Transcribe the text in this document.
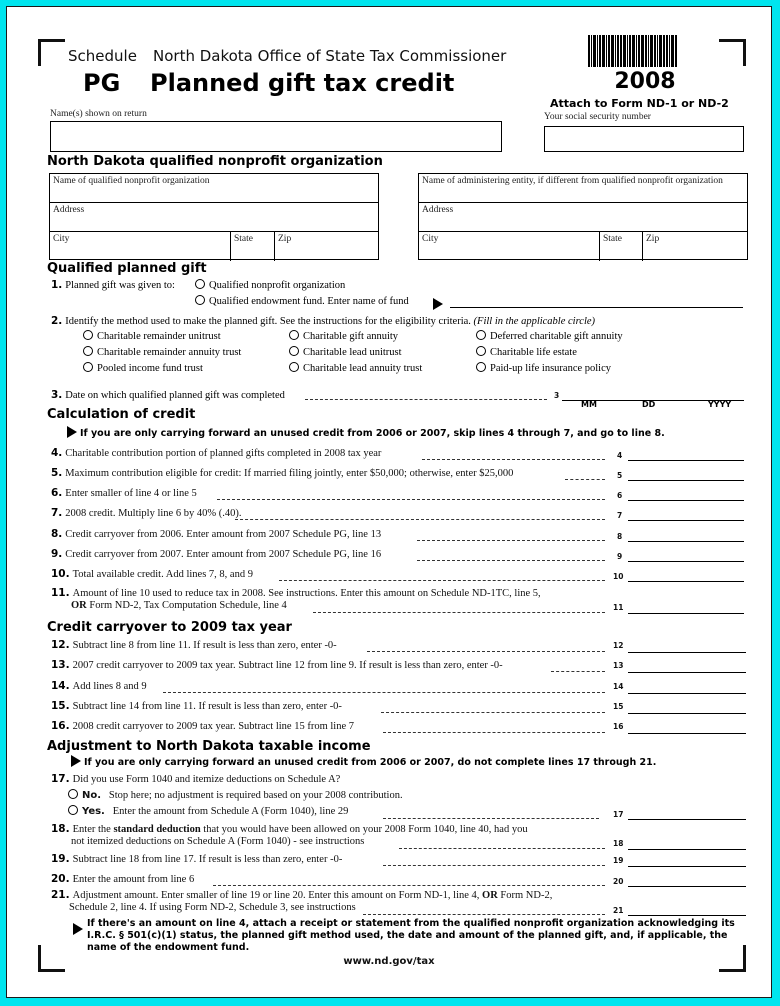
Schedule North Dakota Office of State Tax Commissioner
PG Planned gift tax credit	2008
Attach to Form ND-1 or ND-2
Name(s) shown on return	Your social security number
North Dakota qualified nonprofit organization
Name of qualified nonprofit organization
Address
City	State	Zip
Name of administering entity, if different from qualified nonprofit organization
Address
City	State	Zip
Qualified planned gift
1. Planned gift was given to:	Qualified nonprofit organization
Qualified endowment fund. Enter name of fund
2. Identify the method used to make the planned gift. See the instructions for the eligibility criteria. (Fill in the applicable circle)
Charitable remainder unitrust	Charitable gift annuity	Deferred charitable gift annuity
Charitable remainder annuity trust	Charitable lead unitrust	Charitable life estate
Pooled income fund trust	Charitable lead annuity trust	Paid-up life insurance policy
3. Date on which qualified planned gift was completed	3
MM	DD	YYYY
Calculation of credit
If you are only carrying forward an unused credit from 2006 or 2007, skip lines 4 through 7, and go to line 8.
4. Charitable contribution portion of planned gifts completed in 2008 tax year	4
5. Maximum contribution eligible for credit: If married filing jointly, enter $50,000; otherwise, enter $25,000	5
6. Enter smaller of line 4 or line 5	6
7. 2008 credit. Multiply line 6 by 40% (.40).	7
8. Credit carryover from 2006. Enter amount from 2007 Schedule PG, line 13	8
9. Credit carryover from 2007. Enter amount from 2007 Schedule PG, line 16	9
10. Total available credit. Add lines 7, 8, and 9	10
11. Amount of line 10 used to reduce tax in 2008. See instructions. Enter this amount on Schedule ND-1TC, line 5,
OR Form ND-2, Tax Computation Schedule, line 4	11
Credit carryover to 2009 tax year
12. Subtract line 8 from line 11. If result is less than zero, enter -0-	12
13. 2007 credit carryover to 2009 tax year. Subtract line 12 from line 9. If result is less than zero, enter -0-	13
14. Add lines 8 and 9	14
15. Subtract line 14 from line 11. If result is less than zero, enter -0-	15
16. 2008 credit carryover to 2009 tax year. Subtract line 15 from line 7	16
Adjustment to North Dakota taxable income
If you are only carrying forward an unused credit from 2006 or 2007, do not complete lines 17 through 21.
17. Did you use Form 1040 and itemize deductions on Schedule A?
No. Stop here; no adjustment is required based on your 2008 contribution.
Yes. Enter the amount from Schedule A (Form 1040), line 29	17
18. Enter the standard deduction that you would have been allowed on your 2008 Form 1040, line 40, had you
not itemized deductions on Schedule A (Form 1040) - see instructions	18
19. Subtract line 18 from line 17. If result is less than zero, enter -0-	19
20. Enter the amount from line 6	20
21. Adjustment amount. Enter smaller of line 19 or line 20. Enter this amount on Form ND-1, line 4, OR Form ND-2,
Schedule 2, line 4. If using Form ND-2, Schedule 3, see instructions	21
If there's an amount on line 4, attach a receipt or statement from the qualified nonprofit organization acknowledging its I.R.C. § 501(c)(1) status, the planned gift method used, the date and amount of the planned gift, and, if applicable, the name of the endowment fund.
www.nd.gov/tax
